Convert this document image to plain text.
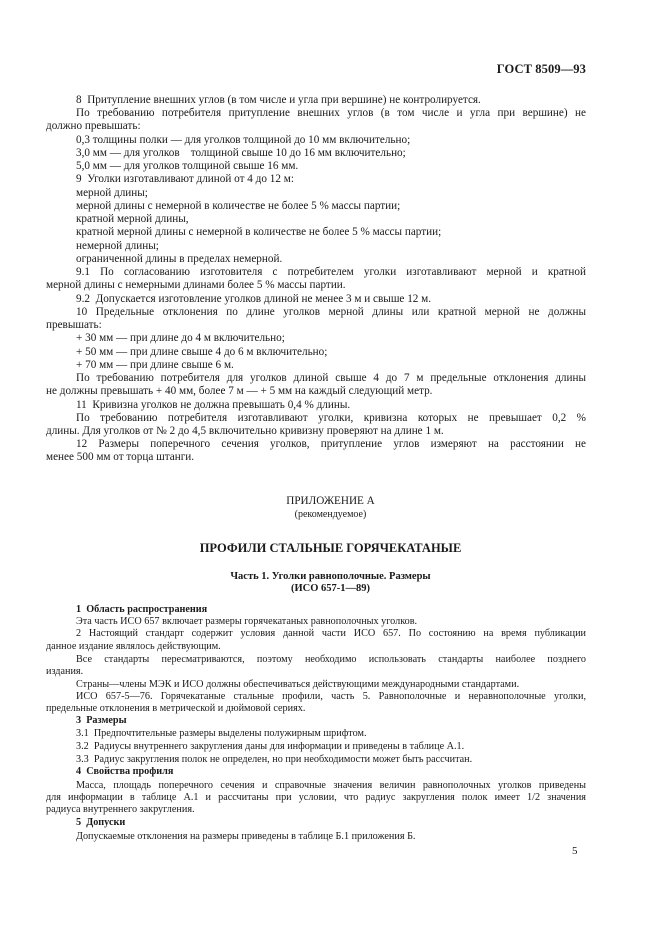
ГОСТ 8509—93
8  Притупление внешних углов (в том числе и угла при вершине) не контролируется.
По требованию потребителя притупление внешних углов (в том числе и угла при вершине) не
должно превышать:
0,3 толщины полки — для уголков толщиной до 10 мм включительно;
3,0 мм — для уголков    толщиной свыше 10 до 16 мм включительно;
5,0 мм — для уголков толщиной свыше 16 мм.
9  Уголки изготавливают длиной от 4 до 12 м:
мерной длины;
мерной длины с немерной в количестве не более 5 % массы партии;
кратной мерной длины,
кратной мерной длины с немерной в количестве не более 5 % массы партии;
немерной длины;
ограниченной длины в пределах немерной.
9.1 По согласованию изготовителя с потребителем уголки изготавливают мерной и кратной
мерной длины с немерными длинами более 5 % массы партии.
9.2  Допускается изготовление уголков длиной не менее 3 м и свыше 12 м.
10 Предельные отклонения по длине уголков мерной длины или кратной мерной не должны
превышать:
+ 30 мм — при длине до 4 м включительно;
+ 50 мм — при длине свыше 4 до 6 м включительно;
+ 70 мм — при длине свыше 6 м.
По требованию потребителя для уголков длиной свыше 4 до 7 м предельные отклонения длины
не должны превышать + 40 мм, более 7 м — + 5 мм на каждый следующий метр.
11  Кривизна уголков не должна превышать 0,4 % длины.
По требованию потребителя изготавливают уголки, кривизна которых не превышает 0,2 %
длины. Для уголков от № 2 до 4,5 включительно кривизну проверяют на длине 1 м.
12 Размеры поперечного сечения уголков, притупление углов измеряют на расстоянии не
менее 500 мм от торца штанги.
ПРИЛОЖЕНИЕ А
(рекомендуемое)
ПРОФИЛИ СТАЛЬНЫЕ ГОРЯЧЕКАТАНЫЕ
Часть 1. Уголки равнополочные. Размеры
(ИСО 657-1—89)
1  Область распространения
Эта часть ИСО 657 включает размеры горячекатаных равнополочных уголков.
2 Настоящий стандарт содержит условия данной части ИСО 657. По состоянию на время публикации
данное издание являлось действующим.
Все стандарты пересматриваются, поэтому необходимо использовать стандарты наиболее позднего
издания.
Страны—члены МЭК и ИСО должны обеспечиваться действующими международными стандартами.
ИСО 657-5—76. Горячекатаные стальные профили, часть 5. Равнополочные и неравнополочные уголки,
предельные отклонения в метрической и дюймовой сериях.
3  Размеры
3.1  Предпочтительные размеры выделены полужирным шрифтом.
3.2  Радиусы внутреннего закругления даны для информации и приведены в таблице А.1.
3.3  Радиус закругления полок не определен, но при необходимости может быть рассчитан.
4  Свойства профиля
Масса, площадь поперечного сечения и справочные значения величин равнополочных уголков приведены
для информации в таблице А.1 и рассчитаны при условии, что радиус закругления полок имеет 1/2 значения
радиуса внутреннего закругления.
5  Допуски
Допускаемые отклонения на размеры приведены в таблице Б.1 приложения Б.
5
